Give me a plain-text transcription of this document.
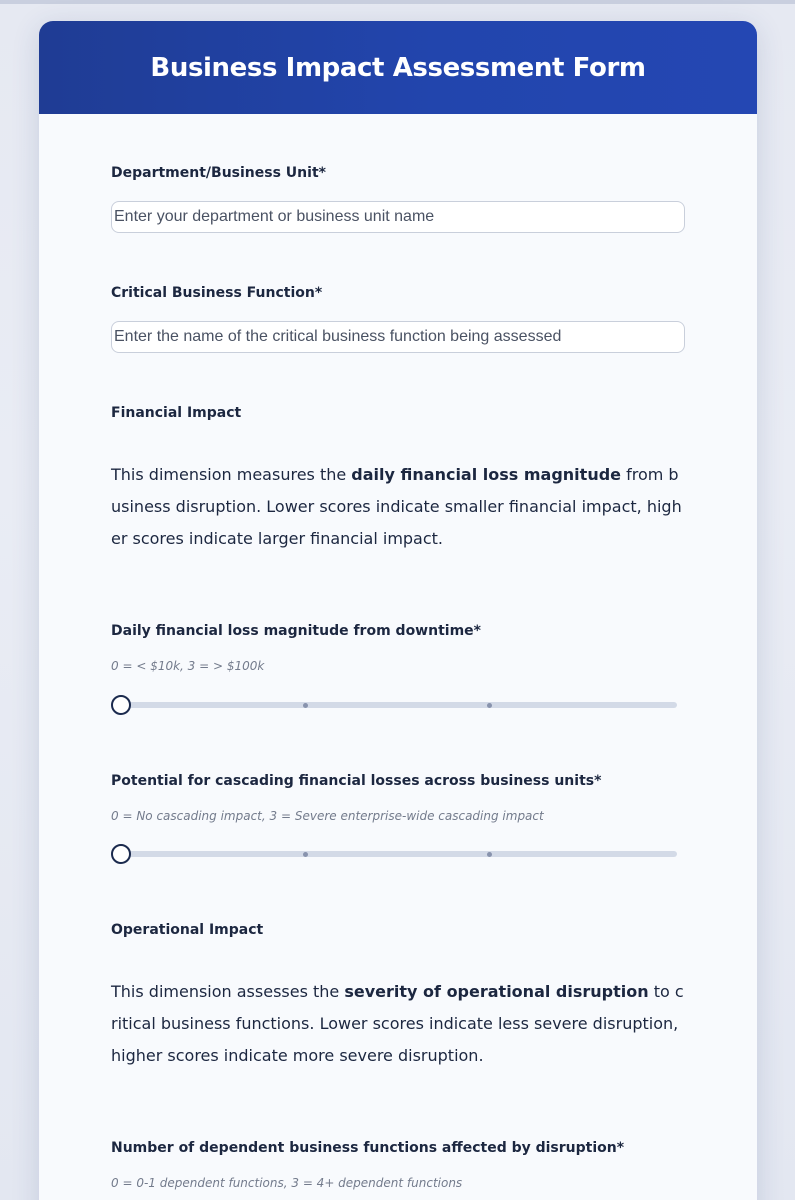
Business Impact Assessment Form
Department/Business Unit*
Enter your department or business unit name
Critical Business Function*
Enter the name of the critical business function being assessed
Financial Impact

This dimension measures the daily financial loss magnitude from business disruption. Lower scores indicate smaller financial impact, higher scores indicate larger financial impact.

Daily financial loss magnitude from downtime*
0 = < $10k, 3 = > $100k
Potential for cascading financial losses across business units*
0 = No cascading impact, 3 = Severe enterprise-wide cascading impact
Operational Impact

This dimension assesses the severity of operational disruption to critical business functions. Lower scores indicate less severe disruption, higher scores indicate more severe disruption.

Number of dependent business functions affected by disruption*
0 = 0-1 dependent functions, 3 = 4+ dependent functions
